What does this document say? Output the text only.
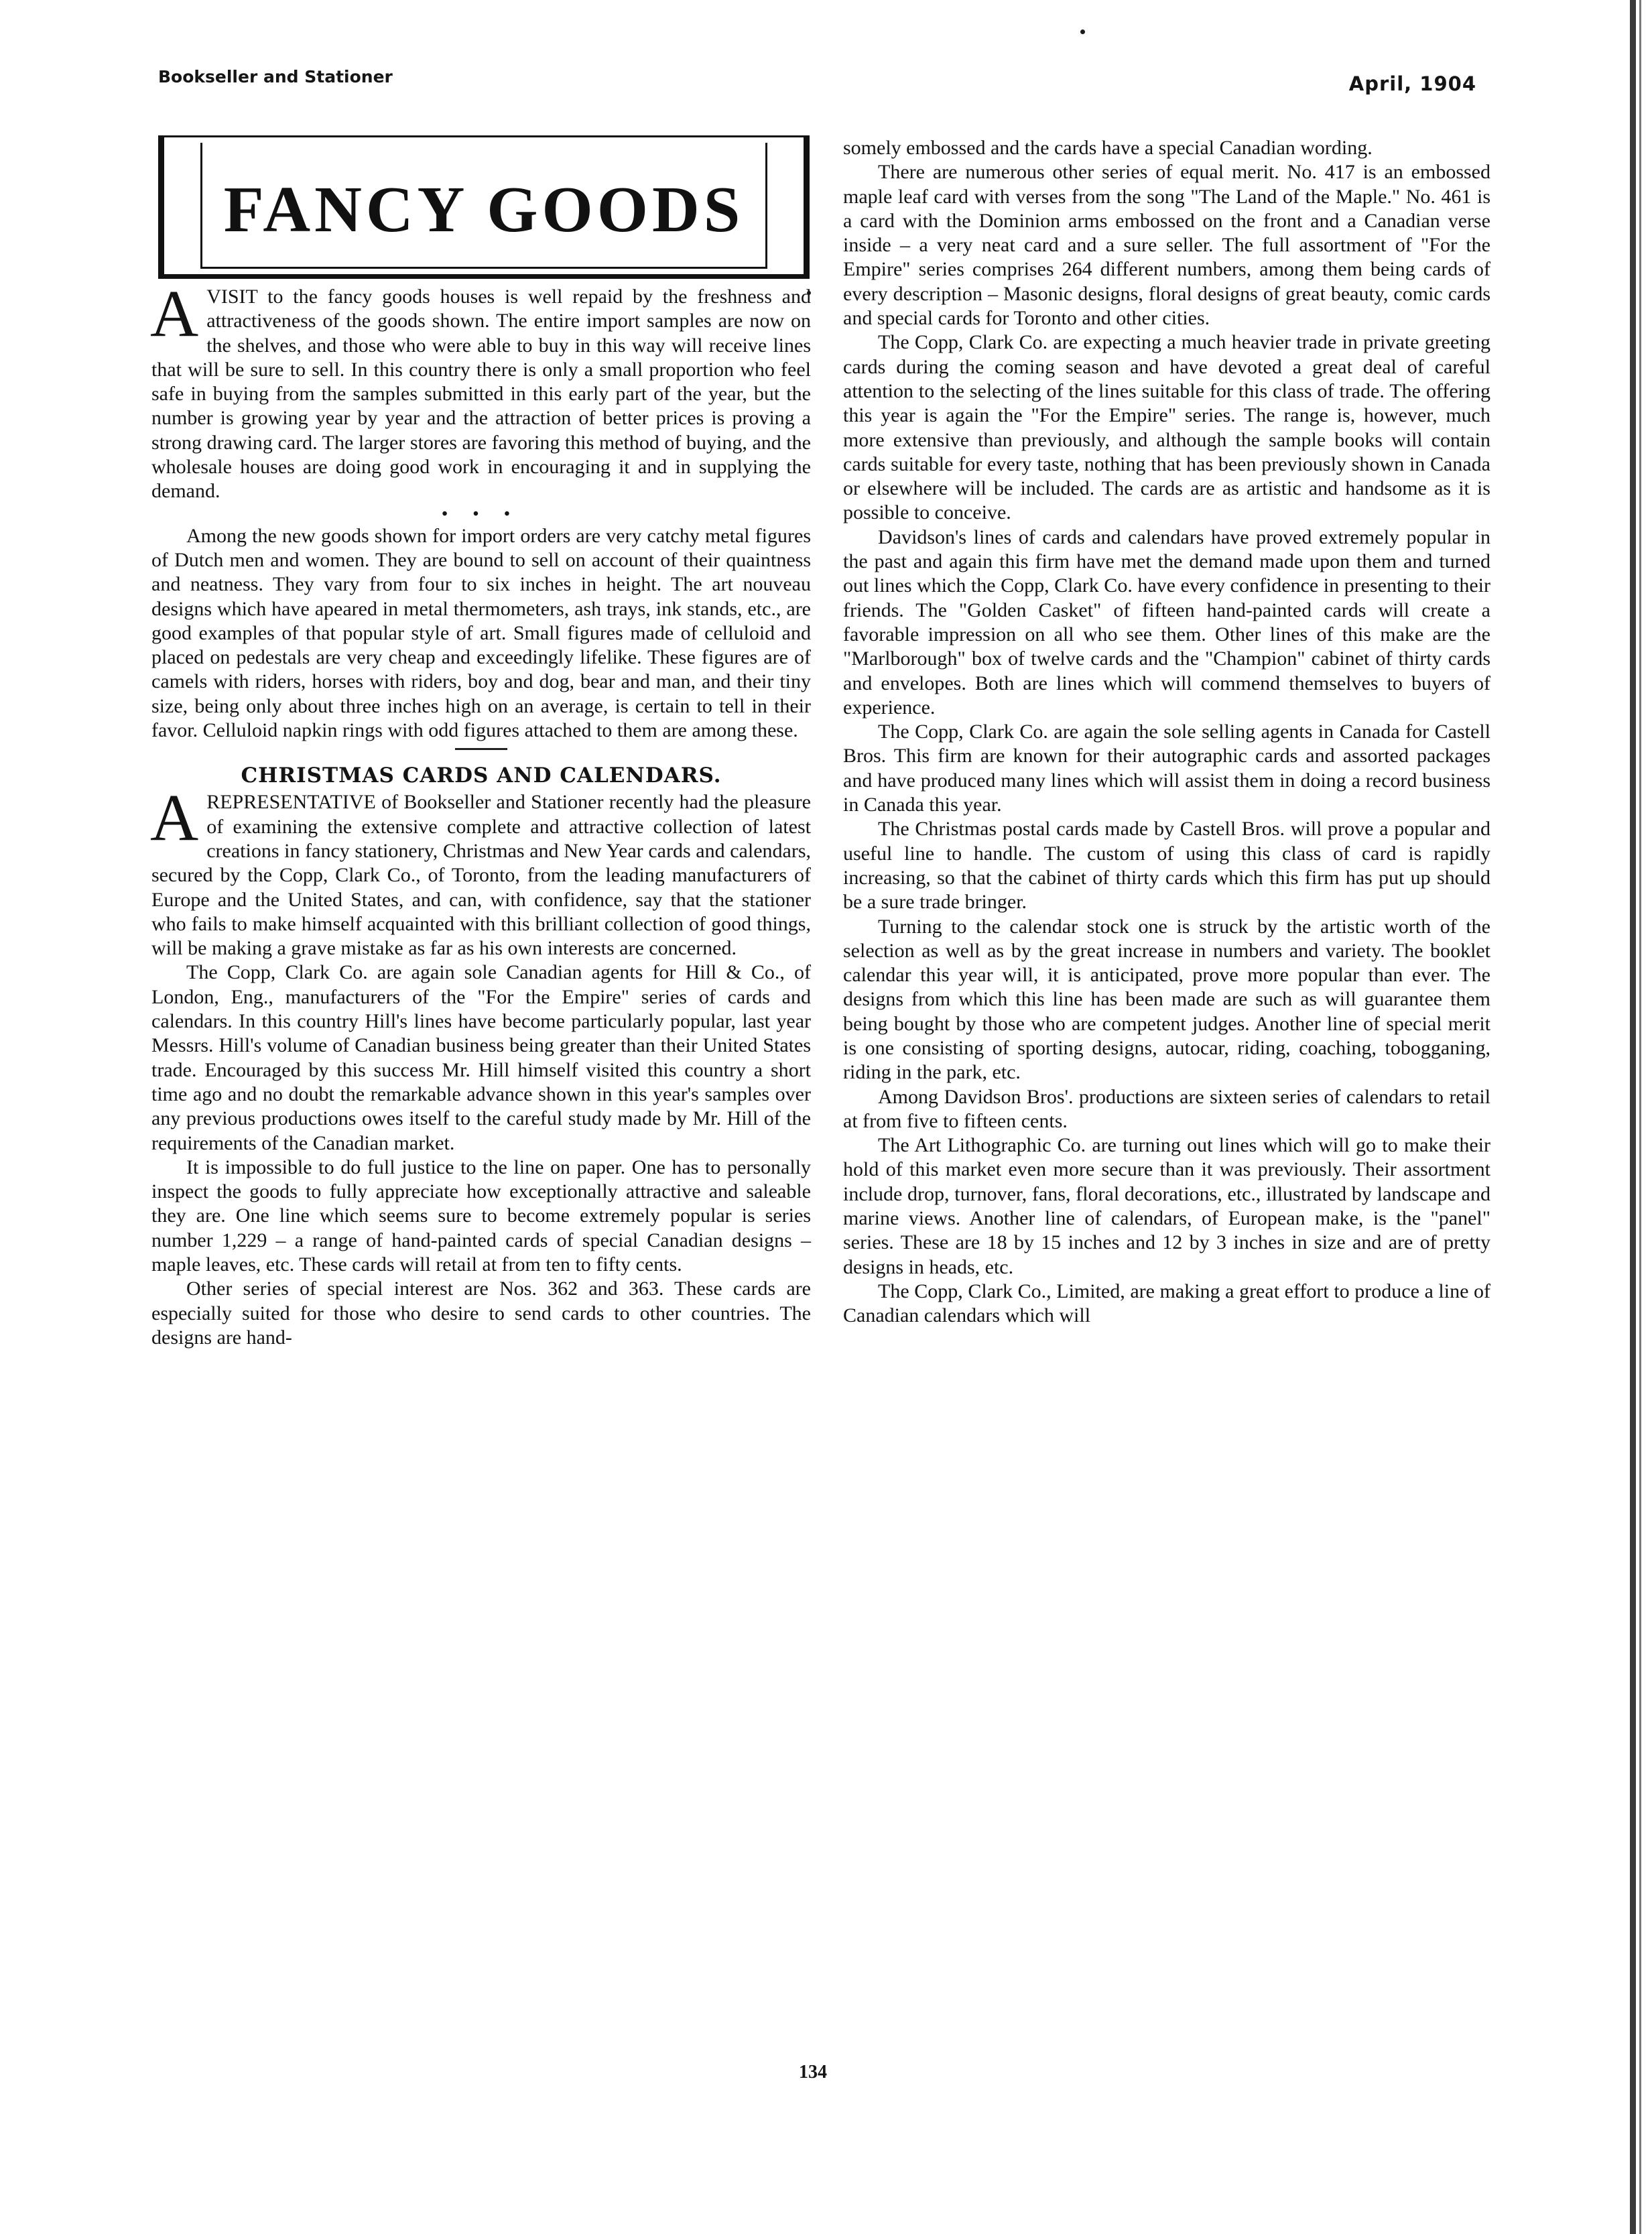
Bookseller and Stationer	April, 1904
FANCY GOODS

AVISIT to the fancy goods houses is well repaid by the freshness and attractiveness of the goods shown. The entire import samples are now on the shelves, and those who were able to buy in this way will receive lines that will be sure to sell. In this country there is only a small proportion who feel safe in buying from the samples submitted in this early part of the year, but the number is growing year by year and the attraction of better prices is proving a strong drawing card. The larger stores are favoring this method of buying, and the wholesale houses are doing good work in encouraging it and in supplying the demand.

• • •

Among the new goods shown for import orders are very catchy metal figures of Dutch men and women. They are bound to sell on account of their quaintness and neatness. They vary from four to six inches in height. The art nouveau designs which have apeared in metal thermometers, ash trays, ink stands, etc., are good examples of that popular style of art. Small figures made of celluloid and placed on pedestals are very cheap and exceedingly lifelike. These figures are of camels with riders, horses with riders, boy and dog, bear and man, and their tiny size, being only about three inches high on an average, is certain to tell in their favor. Celluloid napkin rings with odd figures attached to them are among these.

CHRISTMAS CARDS AND CALENDARS.

AREPRESENTATIVE of Bookseller and Stationer recently had the pleasure of examining the extensive complete and attractive collection of latest creations in fancy stationery, Christmas and New Year cards and calendars, secured by the Copp, Clark Co., of Toronto, from the leading manufacturers of Europe and the United States, and can, with confidence, say that the stationer who fails to make himself acquainted with this brilliant collection of good things, will be making a grave mistake as far as his own interests are concerned.

The Copp, Clark Co. are again sole Canadian agents for Hill & Co., of London, Eng., manufacturers of the "For the Empire" series of cards and calendars. In this country Hill's lines have become particularly popular, last year Messrs. Hill's volume of Canadian business being greater than their United States trade. Encouraged by this success Mr. Hill himself visited this country a short time ago and no doubt the remarkable advance shown in this year's samples over any previous productions owes itself to the careful study made by Mr. Hill of the requirements of the Canadian market.

It is impossible to do full justice to the line on paper. One has to personally inspect the goods to fully appreciate how exceptionally attractive and saleable they are. One line which seems sure to become extremely popular is series number 1,229 – a range of hand-painted cards of special Canadian designs – maple leaves, etc. These cards will retail at from ten to fifty cents.

Other series of special interest are Nos. 362 and 363. These cards are especially suited for those who desire to send cards to other countries. The designs are hand-

somely embossed and the cards have a special Canadian wording.

There are numerous other series of equal merit. No. 417 is an embossed maple leaf card with verses from the song "The Land of the Maple." No. 461 is a card with the Dominion arms embossed on the front and a Canadian verse inside – a very neat card and a sure seller. The full assortment of "For the Empire" series comprises 264 different numbers, among them being cards of every description – Masonic designs, floral designs of great beauty, comic cards and special cards for Toronto and other cities.

The Copp, Clark Co. are expecting a much heavier trade in private greeting cards during the coming season and have devoted a great deal of careful attention to the selecting of the lines suitable for this class of trade. The offering this year is again the "For the Empire" series. The range is, however, much more extensive than previously, and although the sample books will contain cards suitable for every taste, nothing that has been previously shown in Canada or elsewhere will be included. The cards are as artistic and handsome as it is possible to conceive.

Davidson's lines of cards and calendars have proved extremely popular in the past and again this firm have met the demand made upon them and turned out lines which the Copp, Clark Co. have every confidence in presenting to their friends. The "Golden Casket" of fifteen hand-painted cards will create a favorable impression on all who see them. Other lines of this make are the "Marlborough" box of twelve cards and the "Champion" cabinet of thirty cards and envelopes. Both are lines which will commend themselves to buyers of experience.

The Copp, Clark Co. are again the sole selling agents in Canada for Castell Bros. This firm are known for their autographic cards and assorted packages and have produced many lines which will assist them in doing a record business in Canada this year.

The Christmas postal cards made by Castell Bros. will prove a popular and useful line to handle. The custom of using this class of card is rapidly increasing, so that the cabinet of thirty cards which this firm has put up should be a sure trade bringer.

Turning to the calendar stock one is struck by the artistic worth of the selection as well as by the great increase in numbers and variety. The booklet calendar this year will, it is anticipated, prove more popular than ever. The designs from which this line has been made are such as will guarantee them being bought by those who are competent judges. Another line of special merit is one consisting of sporting designs, autocar, riding, coaching, tobogganing, riding in the park, etc.

Among Davidson Bros'. productions are sixteen series of calendars to retail at from five to fifteen cents.

The Art Lithographic Co. are turning out lines which will go to make their hold of this market even more secure than it was previously. Their assortment include drop, turnover, fans, floral decorations, etc., illustrated by landscape and marine views. Another line of calendars, of European make, is the "panel" series. These are 18 by 15 inches and 12 by 3 inches in size and are of pretty designs in heads, etc.

The Copp, Clark Co., Limited, are making a great effort to produce a line of Canadian calendars which will

134
